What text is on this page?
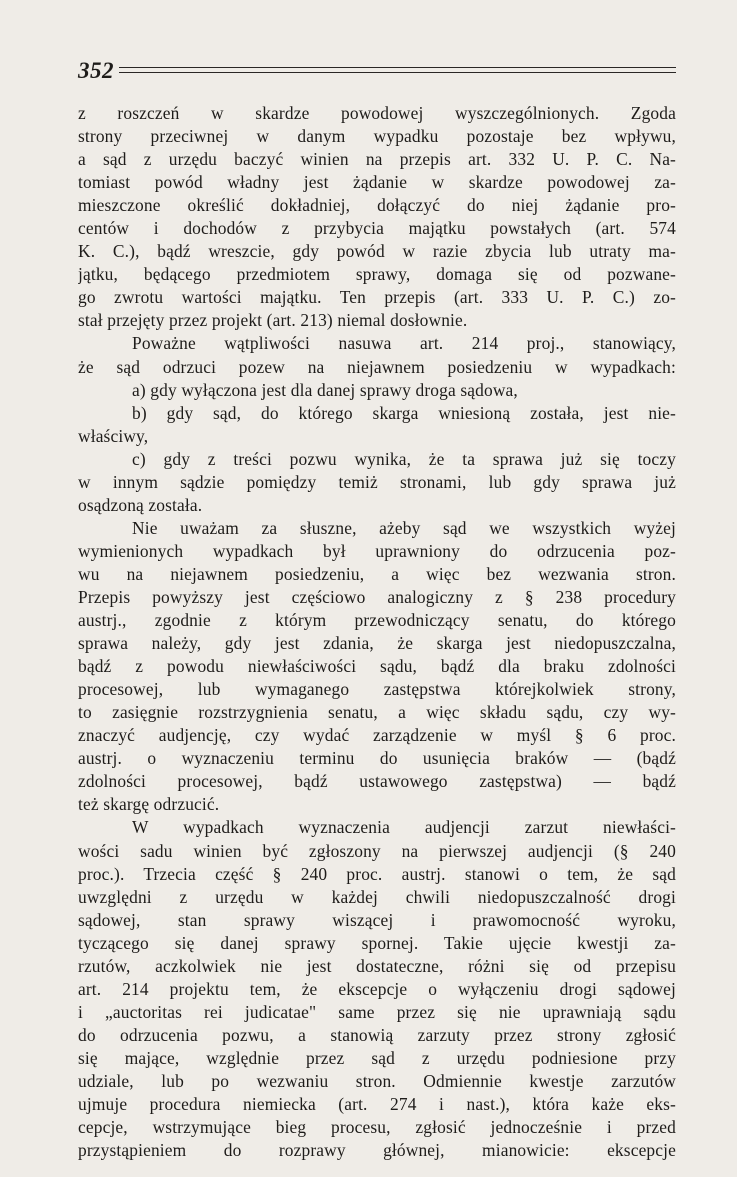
352
z roszczeń w skardze powodowej wyszczególnionych. Zgoda
strony przeciwnej w danym wypadku pozostaje bez wpływu,
a sąd z urzędu baczyć winien na przepis art. 332 U. P. C. Na-
tomiast powód władny jest żądanie w skardze powodowej za-
mieszczone określić dokładniej, dołączyć do niej żądanie pro-
centów i dochodów z przybycia majątku powstałych (art. 574
K. C.), bądź wreszcie, gdy powód w razie zbycia lub utraty ma-
jątku, będącego przedmiotem sprawy, domaga się od pozwane-
go zwrotu wartości majątku. Ten przepis (art. 333 U. P. C.) zo-
stał przejęty przez projekt (art. 213) niemal dosłownie.
Poważne wątpliwości nasuwa art. 214 proj., stanowiący,
że sąd odrzuci pozew na niejawnem posiedzeniu w wypadkach:
a) gdy wyłączona jest dla danej sprawy droga sądowa,
b) gdy sąd, do którego skarga wniesioną została, jest nie-
właściwy,
c) gdy z treści pozwu wynika, że ta sprawa już się toczy
w innym sądzie pomiędzy temiż stronami, lub gdy sprawa już
osądzoną została.
Nie uważam za słuszne, ażeby sąd we wszystkich wyżej
wymienionych wypadkach był uprawniony do odrzucenia poz-
wu na niejawnem posiedzeniu, a więc bez wezwania stron.
Przepis powyższy jest częściowo analogiczny z § 238 procedury
austrj., zgodnie z którym przewodniczący senatu, do którego
sprawa należy, gdy jest zdania, że skarga jest niedopuszczalna,
bądź z powodu niewłaściwości sądu, bądź dla braku zdolności
procesowej, lub wymaganego zastępstwa którejkolwiek strony,
to zasięgnie rozstrzygnienia senatu, a więc składu sądu, czy wy-
znaczyć audjencję, czy wydać zarządzenie w myśl § 6 proc.
austrj. o wyznaczeniu terminu do usunięcia braków — (bądź
zdolności procesowej, bądź ustawowego zastępstwa) — bądź
też skargę odrzucić.
W wypadkach wyznaczenia audjencji zarzut niewłaści-
wości sadu winien być zgłoszony na pierwszej audjencji (§ 240
proc.). Trzecia część § 240 proc. austrj. stanowi o tem, że sąd
uwzględni z urzędu w każdej chwili niedopuszczalność drogi
sądowej, stan sprawy wiszącej i prawomocność wyroku,
tyczącego się danej sprawy spornej. Takie ujęcie kwestji za-
rzutów, aczkolwiek nie jest dostateczne, różni się od przepisu
art. 214 projektu tem, że ekscepcje o wyłączeniu drogi sądowej
i „auctoritas rei judicatae" same przez się nie uprawniają sądu
do odrzucenia pozwu, a stanowią zarzuty przez strony zgłosić
się mające, względnie przez sąd z urzędu podniesione przy
udziale, lub po wezwaniu stron. Odmiennie kwestje zarzutów
ujmuje procedura niemiecka (art. 274 i nast.), która każe eks-
cepcje, wstrzymujące bieg procesu, zgłosić jednocześnie i przed
przystąpieniem do rozprawy głównej, mianowicie: ekscepcje
